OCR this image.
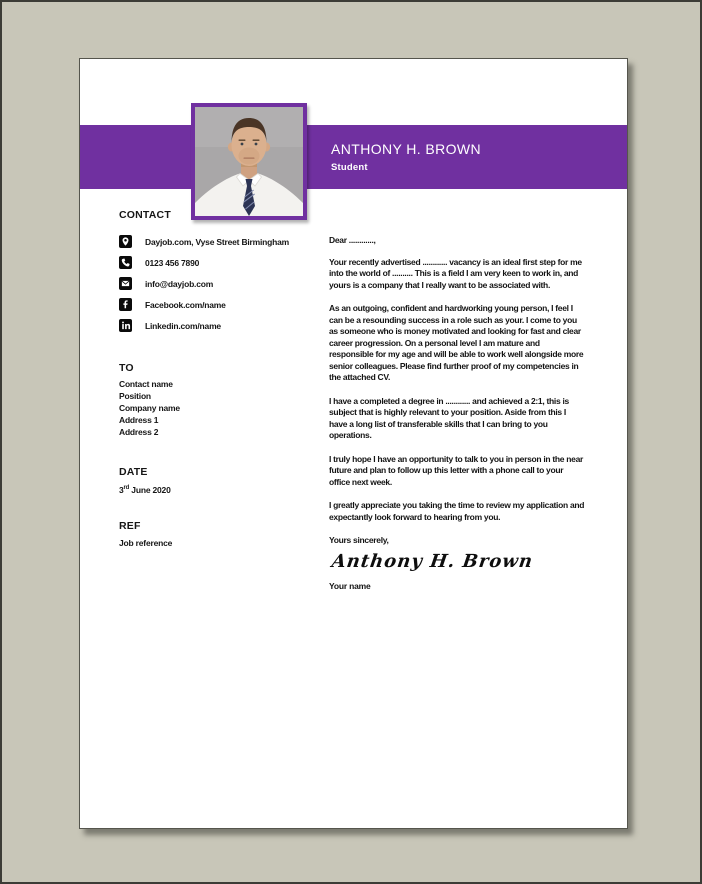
ANTHONY H. BROWN
Student
CONTACT
Dayjob.com, Vyse Street Birmingham
0123 456 7890
info@dayjob.com
Facebook.com/name
Linkedin.com/name
TO
Contact name
Position
Company name
Address 1
Address 2
DATE
3rd June 2020
REF
Job reference
Dear ............,

Your recently advertised ............ vacancy is an ideal first step for me into the world of .......... This is a field I am very keen to work in, and yours is a company that I really want to be associated with.

As an outgoing, confident and hardworking young person, I feel I can be a resounding success in a role such as your. I come to you as someone who is money motivated and looking for fast and clear career progression. On a personal level I am mature and responsible for my age and will be able to work well alongside more senior colleagues. Please find further proof of my competencies in the attached CV.

I have a completed a degree in ............ and achieved a 2:1, this is subject that is highly relevant to your position. Aside from this I have a long list of transferable skills that I can bring to you operations.

I truly hope I have an opportunity to talk to you in person in the near future and plan to follow up this letter with a phone call to your office next week.

I greatly appreciate you taking the time to review my application and expectantly look forward to hearing from you.

Yours sincerely,
Anthony H. Brown
Your name
